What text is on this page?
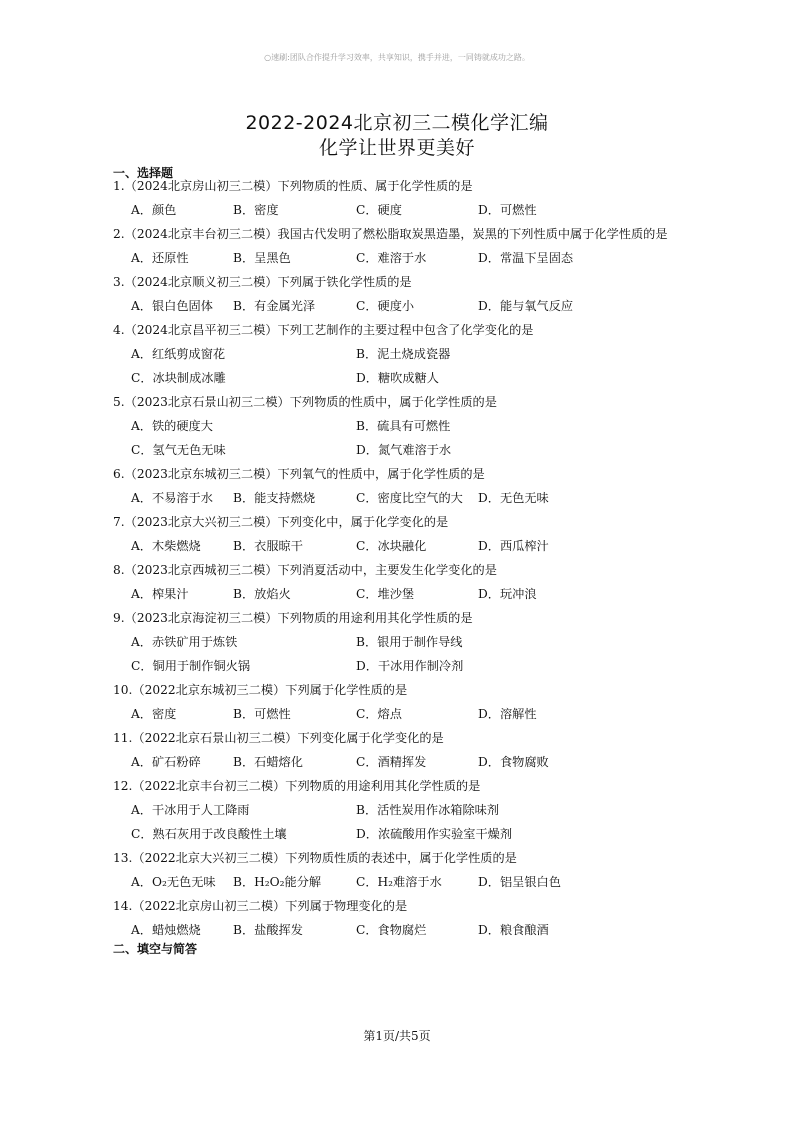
○速刷:团队合作提升学习效率，共享知识，携手并进，一同铸就成功之路。
2022-2024北京初三二模化学汇编
化学让世界更美好
一、选择题
1.（2024北京房山初三二模）下列物质的性质、属于化学性质的是
A．颜色	B．密度	C．硬度	D．可燃性
2.（2024北京丰台初三二模）我国古代发明了燃松脂取炭黑造墨，炭黑的下列性质中属于化学性质的是
A．还原性	B．呈黑色	C．难溶于水	D．常温下呈固态
3.（2024北京顺义初三二模）下列属于铁化学性质的是
A．银白色固体 B．有金属光泽	C．硬度小	D．能与氧气反应
4.（2024北京昌平初三二模）下列工艺制作的主要过程中包含了化学变化的是
A．红纸剪成窗花	B．泥土烧成瓷器
C．冰块制成冰雕	D．糖吹成糖人
5.（2023北京石景山初三二模）下列物质的性质中，属于化学性质的是
A．铁的硬度大	B．硫具有可燃性
C．氢气无色无味	D．氮气难溶于水
6.（2023北京东城初三二模）下列氧气的性质中，属于化学性质的是
A．不易溶于水 B．能支持燃烧	C．密度比空气的大 D．无色无味
7.（2023北京大兴初三二模）下列变化中，属于化学变化的是
A．木柴燃烧	B．衣服晾干	C．冰块融化	D．西瓜榨汁
8.（2023北京西城初三二模）下列消夏活动中，主要发生化学变化的是
A．榨果汁	B．放焰火	C．堆沙堡	D．玩冲浪
9.（2023北京海淀初三二模）下列物质的用途利用其化学性质的是
A．赤铁矿用于炼铁	B．银用于制作导线
C．铜用于制作铜火锅	D．干冰用作制冷剂
10.（2022北京东城初三二模）下列属于化学性质的是
A．密度	B．可燃性	C．熔点	D．溶解性
11.（2022北京石景山初三二模）下列变化属于化学变化的是
A．矿石粉碎	B．石蜡熔化	C．酒精挥发	D．食物腐败
12.（2022北京丰台初三二模）下列物质的用途利用其化学性质的是
A．干冰用于人工降雨	B．活性炭用作冰箱除味剂
C．熟石灰用于改良酸性土壤	D．浓硫酸用作实验室干燥剂
13.（2022北京大兴初三二模）下列物质性质的表述中，属于化学性质的是
A．O₂无色无味 B．H₂O₂能分解	C．H₂难溶于水	D．铝呈银白色
14.（2022北京房山初三二模）下列属于物理变化的是
A．蜡烛燃烧	B．盐酸挥发	C．食物腐烂	D．粮食酿酒
二、填空与简答
第1页/共5页
